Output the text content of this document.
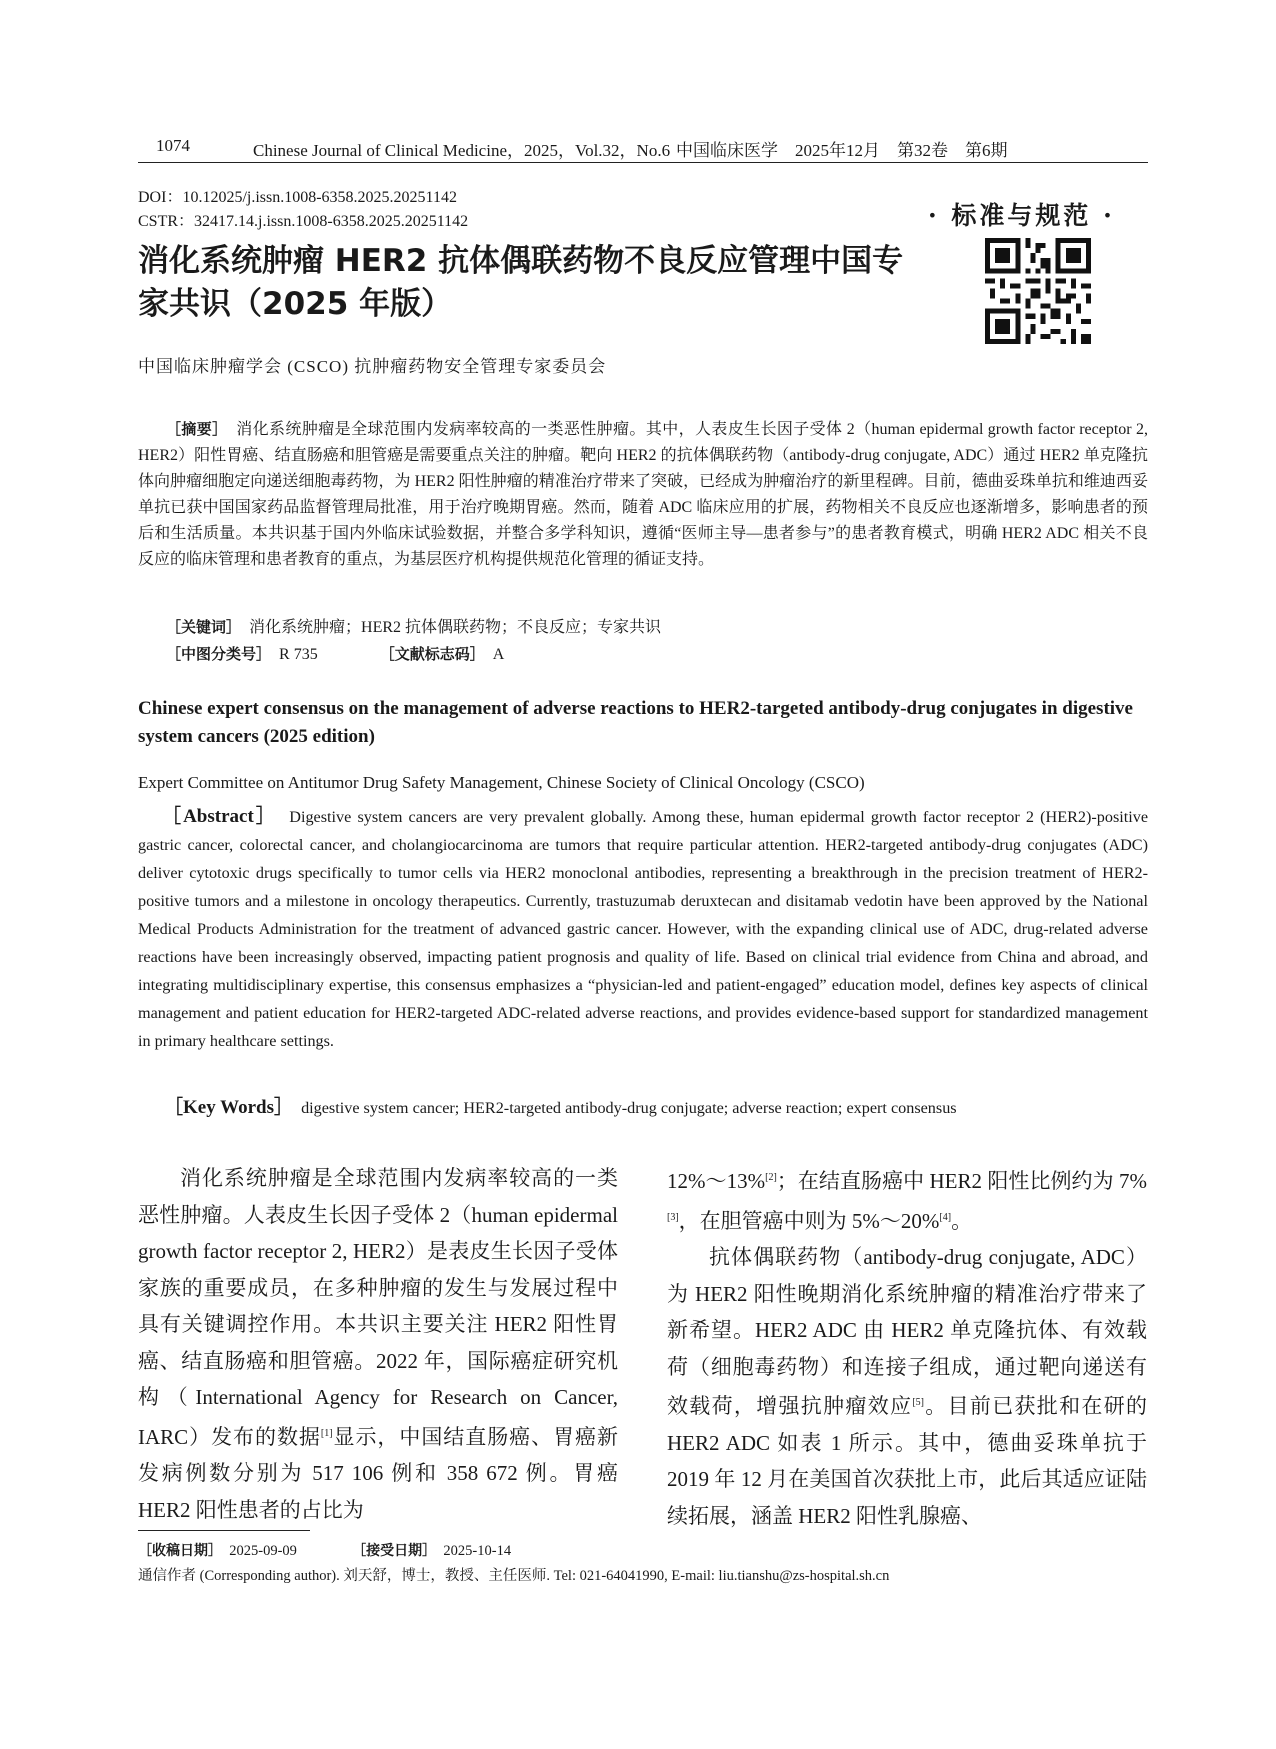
1074	Chinese Journal of Clinical Medicine，2025，Vol.32，No.6 中国临床医学　2025年12月　第32卷　第6期
DOI：10.12025/j.issn.1008-6358.2025.20251142
CSTR：32417.14.j.issn.1008-6358.2025.20251142	· 标准与规范 ·
消化系统肿瘤 HER2 抗体偶联药物不良反应管理中国专家共识（2025 年版）
中国临床肿瘤学会 (CSCO) 抗肿瘤药物安全管理专家委员会
［摘要］ 消化系统肿瘤是全球范围内发病率较高的一类恶性肿瘤。其中，人表皮生长因子受体 2（human epidermal growth factor receptor 2, HER2）阳性胃癌、结直肠癌和胆管癌是需要重点关注的肿瘤。靶向 HER2 的抗体偶联药物（antibody-drug conjugate, ADC）通过 HER2 单克隆抗体向肿瘤细胞定向递送细胞毒药物，为 HER2 阳性肿瘤的精准治疗带来了突破，已经成为肿瘤治疗的新里程碑。目前，德曲妥珠单抗和维迪西妥单抗已获中国国家药品监督管理局批准，用于治疗晚期胃癌。然而，随着 ADC 临床应用的扩展，药物相关不良反应也逐渐增多，影响患者的预后和生活质量。本共识基于国内外临床试验数据，并整合多学科知识，遵循“医师主导—患者参与”的患者教育模式，明确 HER2 ADC 相关不良反应的临床管理和患者教育的重点，为基层医疗机构提供规范化管理的循证支持。
［关键词］ 消化系统肿瘤；HER2 抗体偶联药物；不良反应；专家共识
［中图分类号］ R 735	［文献标志码］ A
Chinese expert consensus on the management of adverse reactions to HER2-targeted antibody-drug conjugates in digestive system cancers (2025 edition)
Expert Committee on Antitumor Drug Safety Management, Chinese Society of Clinical Oncology (CSCO)
［Abstract］ Digestive system cancers are very prevalent globally. Among these, human epidermal growth factor receptor 2 (HER2)-positive gastric cancer, colorectal cancer, and cholangiocarcinoma are tumors that require particular attention. HER2-targeted antibody-drug conjugates (ADC) deliver cytotoxic drugs specifically to tumor cells via HER2 monoclonal antibodies, representing a breakthrough in the precision treatment of HER2-positive tumors and a milestone in oncology therapeutics. Currently, trastuzumab deruxtecan and disitamab vedotin have been approved by the National Medical Products Administration for the treatment of advanced gastric cancer. However, with the expanding clinical use of ADC, drug-related adverse reactions have been increasingly observed, impacting patient prognosis and quality of life. Based on clinical trial evidence from China and abroad, and integrating multidisciplinary expertise, this consensus emphasizes a “physician-led and patient-engaged” education model, defines key aspects of clinical management and patient education for HER2-targeted ADC-related adverse reactions, and provides evidence-based support for standardized management in primary healthcare settings.
［Key Words］ digestive system cancer; HER2-targeted antibody-drug conjugate; adverse reaction; expert consensus

消化系统肿瘤是全球范围内发病率较高的一类恶性肿瘤。人表皮生长因子受体 2（human epidermal growth factor receptor 2, HER2）是表皮生长因子受体家族的重要成员，在多种肿瘤的发生与发展过程中具有关键调控作用。本共识主要关注 HER2 阳性胃癌、结直肠癌和胆管癌。2022 年，国际癌症研究机构（International Agency for Research on Cancer, IARC）发布的数据[1]显示，中国结直肠癌、胃癌新发病例数分别为 517 106 例和 358 672 例。胃癌 HER2 阳性患者的占比为

12%～13%[2]；在结直肠癌中 HER2 阳性比例约为 7%[3]，在胆管癌中则为 5%～20%[4]。

抗体偶联药物（antibody-drug conjugate, ADC）为 HER2 阳性晚期消化系统肿瘤的精准治疗带来了新希望。HER2 ADC 由 HER2 单克隆抗体、有效载荷（细胞毒药物）和连接子组成，通过靶向递送有效载荷，增强抗肿瘤效应[5]。目前已获批和在研的 HER2 ADC 如表 1 所示。其中，德曲妥珠单抗于 2019 年 12 月在美国首次获批上市，此后其适应证陆续拓展，涵盖 HER2 阳性乳腺癌、

［收稿日期］ 2025-09-09	［接受日期］ 2025-10-14
通信作者 (Corresponding author). 刘天舒，博士，教授、主任医师. Tel: 021-64041990, E-mail: liu.tianshu@zs-hospital.sh.cn
